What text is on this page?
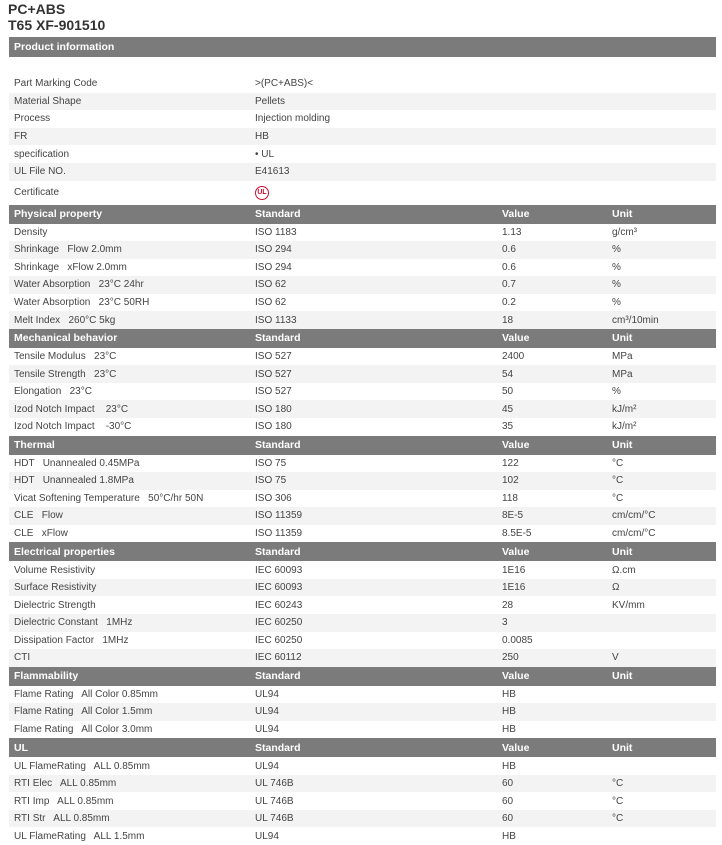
PC+ABS
T65 XF-901510
Product information
Part Marking Code	>(PC+ABS)<
Material Shape	Pellets
Process	Injection molding
FR	HB
specification	• UL
UL File NO.	E41613
Certificate	UL
Physical property	Standard	Value	Unit
Density	ISO 1183	1.13	g/cm³
Shrinkage   Flow 2.0mm	ISO 294	0.6	%
Shrinkage   xFlow 2.0mm	ISO 294	0.6	%
Water Absorption   23°C 24hr	ISO 62	0.7	%
Water Absorption   23°C 50RH	ISO 62	0.2	%
Melt Index   260°C 5kg	ISO 1133	18	cm³/10min
Mechanical behavior	Standard	Value	Unit
Tensile Modulus   23°C	ISO 527	2400	MPa
Tensile Strength   23°C	ISO 527	54	MPa
Elongation   23°C	ISO 527	50	%
Izod Notch Impact    23°C	ISO 180	45	kJ/m²
Izod Notch Impact    -30°C	ISO 180	35	kJ/m²
Thermal	Standard	Value	Unit
HDT   Unannealed 0.45MPa	ISO 75	122	°C
HDT   Unannealed 1.8MPa	ISO 75	102	°C
Vicat Softening Temperature   50°C/hr 50N	ISO 306	118	°C
CLE   Flow	ISO 11359	8E-5	cm/cm/°C
CLE   xFlow	ISO 11359	8.5E-5	cm/cm/°C
Electrical properties	Standard	Value	Unit
Volume Resistivity	IEC 60093	1E16	Ω.cm
Surface Resistivity	IEC 60093	1E16	Ω
Dielectric Strength	IEC 60243	28	KV/mm
Dielectric Constant   1MHz	IEC 60250	3
Dissipation Factor   1MHz	IEC 60250	0.0085
CTI	IEC 60112	250	V
Flammability	Standard	Value	Unit
Flame Rating   All Color 0.85mm	UL94	HB
Flame Rating   All Color 1.5mm	UL94	HB
Flame Rating   All Color 3.0mm	UL94	HB
UL	Standard	Value	Unit
UL FlameRating   ALL 0.85mm	UL94	HB
RTI Elec   ALL 0.85mm	UL 746B	60	°C
RTI Imp   ALL 0.85mm	UL 746B	60	°C
RTI Str   ALL 0.85mm	UL 746B	60	°C
UL FlameRating   ALL 1.5mm	UL94	HB
